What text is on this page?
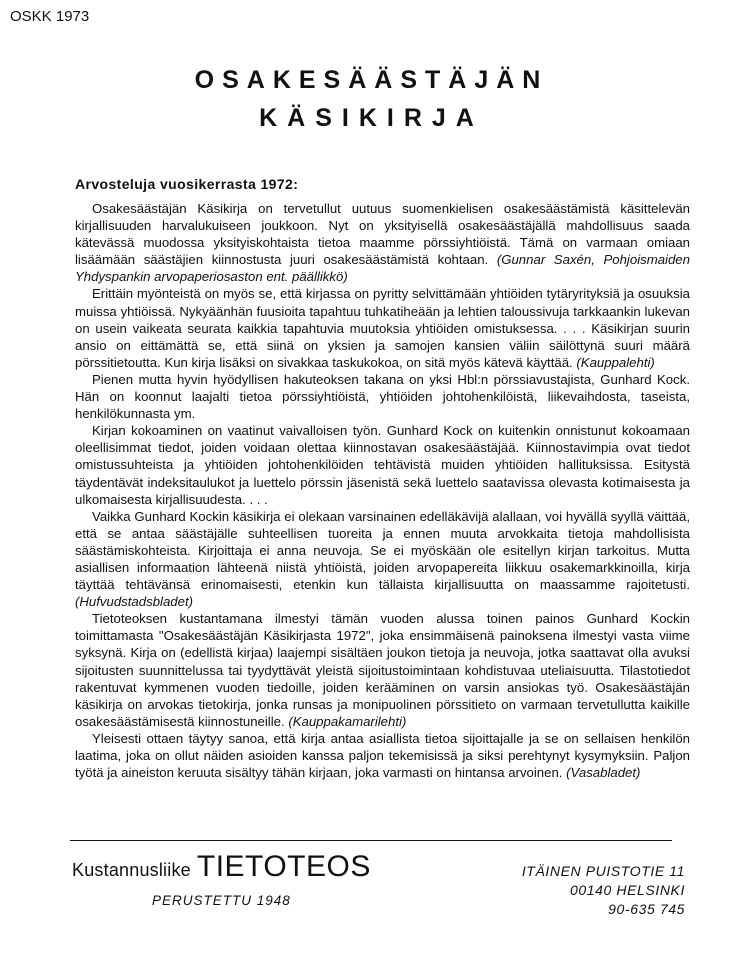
OSKK 1973
OSAKESÄÄSTÄJÄN
KÄSIKIRJA
Arvosteluja vuosikerrasta 1972:

Osakesäästäjän Käsikirja on tervetullut uutuus suomenkielisen osakesäästämistä käsittelevän kirjallisuuden harvalukuiseen joukkoon. Nyt on yksityisellä osakesäästäjällä mahdollisuus saada kätevässä muodossa yksityiskohtaista tietoa maamme pörssiyhtiöistä. Tämä on varmaan omiaan lisäämään säästäjien kiinnostusta juuri osakesäästämistä kohtaan. (Gunnar Saxén, Pohjoismaiden Yhdyspankin arvopaperiosaston ent. päällikkö)

Erittäin myönteistä on myös se, että kirjassa on pyritty selvittämään yhtiöiden tytäryrityksiä ja osuuksia muissa yhtiöissä. Nykyäänhän fuusioita tapahtuu tuhkatiheään ja lehtien taloussivuja tarkkaankin lukevan on usein vaikeata seurata kaikkia tapahtuvia muutoksia yhtiöiden omistuksessa. . . . Käsikirjan suurin ansio on eittämättä se, että siinä on yksien ja samojen kansien väliin säilöttynä suuri määrä pörssitietoutta. Kun kirja lisäksi on sivakkaa taskukokoa, on sitä myös kätevä käyttää. (Kauppalehti)

Pienen mutta hyvin hyödyllisen hakuteoksen takana on yksi Hbl:n pörssiavustajista, Gunhard Kock. Hän on koonnut laajalti tietoa pörssiyhtiöistä, yhtiöiden johtohenkilöistä, liikevaihdosta, taseista, henkilökunnasta ym.

Kirjan kokoaminen on vaatinut vaivalloisen työn. Gunhard Kock on kuitenkin onnistunut kokoamaan oleellisimmat tiedot, joiden voidaan olettaa kiinnostavan osakesäästäjää. Kiinnostavimpia ovat tiedot omistussuhteista ja yhtiöiden johtohenkilöiden tehtävistä muiden yhtiöiden hallituksissa. Esitystä täydentävät indeksitaulukot ja luettelo pörssin jäsenistä sekä luettelo saatavissa olevasta kotimaisesta ja ulkomaisesta kirjallisuudesta. . . .

Vaikka Gunhard Kockin käsikirja ei olekaan varsinainen edelläkävijä alallaan, voi hyvällä syyllä väittää, että se antaa säästäjälle suhteellisen tuoreita ja ennen muuta arvokkaita tietoja mahdollisista säästämiskohteista. Kirjoittaja ei anna neuvoja. Se ei myöskään ole esitellyn kirjan tarkoitus. Mutta asiallisen informaation lähteenä niistä yhtiöistä, joiden arvopapereita liikkuu osakemarkkinoilla, kirja täyttää tehtävänsä erinomaisesti, etenkin kun tällaista kirjallisuutta on maassamme rajoitetusti. (Hufvudstadsbladet)

Tietoteoksen kustantamana ilmestyi tämän vuoden alussa toinen painos Gunhard Kockin toimittamasta "Osakesäästäjän Käsikirjasta 1972", joka ensimmäisenä painoksena ilmestyi vasta viime syksynä. Kirja on (edellistä kirjaa) laajempi sisältäen joukon tietoja ja neuvoja, jotka saattavat olla avuksi sijoitusten suunnittelussa tai tyydyttävät yleistä sijoitustoimintaan kohdistuvaa uteliaisuutta. Tilastotiedot rakentuvat kymmenen vuoden tiedoille, joiden kerääminen on varsin ansiokas työ. Osakesäästäjän käsikirja on arvokas tietokirja, jonka runsas ja monipuolinen pörssitieto on varmaan tervetullutta kaikille osakesäästämisestä kiinnostuneille. (Kauppakamarilehti)

Yleisesti ottaen täytyy sanoa, että kirja antaa asiallista tietoa sijoittajalle ja se on sellaisen henkilön laatima, joka on ollut näiden asioiden kanssa paljon tekemisissä ja siksi perehtynyt kysymyksiin. Paljon työtä ja aineiston keruuta sisältyy tähän kirjaan, joka varmasti on hintansa arvoinen. (Vasabladet)

Kustannusliike TIETOTEOS
PERUSTETTU 1948
ITÄINEN PUISTOTIE 11
00140 HELSINKI
90-635 745
